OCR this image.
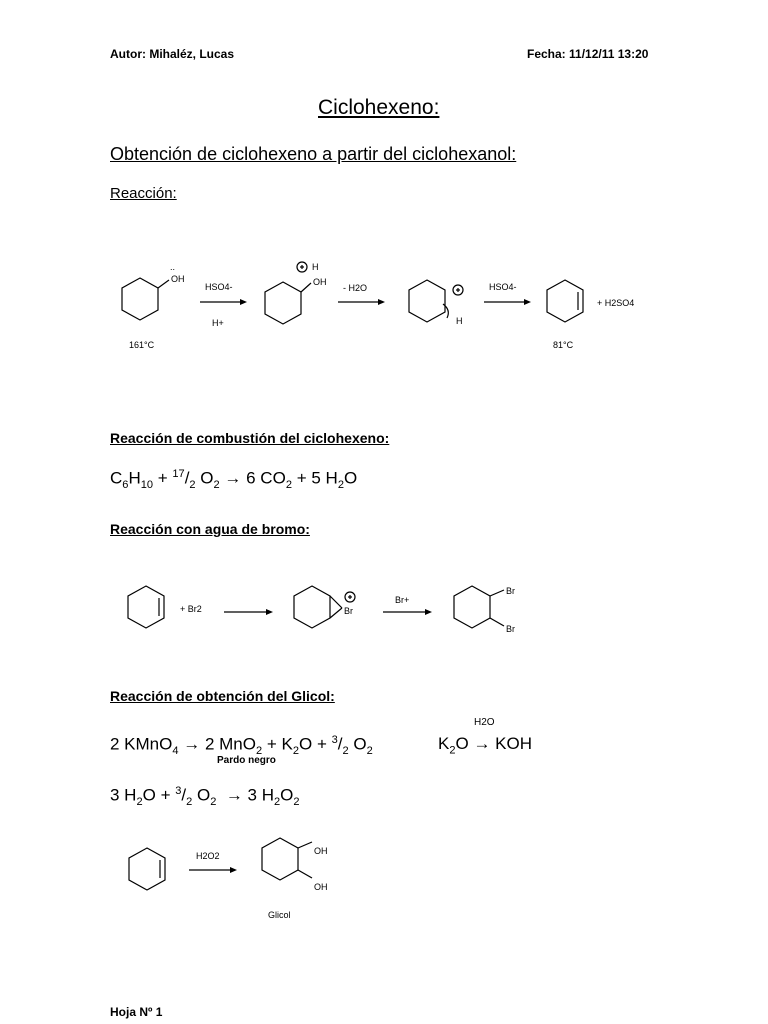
Autor: Mihaléz, Lucas	Fecha: 11/12/11 13:20
Ciclohexeno:
Obtención de ciclohexeno a partir del ciclohexanol:
Reacción:
OH
..
161°C
HSO4-
H+
H
OH
- H2O
H
HSO4-
+ H2SO4
81°C
Reacción de combustión del ciclohexeno:
$C_6H_{10} + ^{17}/_2$ $O_2 \to 6$ $CO_2 + 5$ $H_2O$
Reacción con agua de bromo:
+ Br2	Br
Br+
Br
Br
Reacción de obtención del Glicol:
H2O
2 KMnO$_4$ → 2 $MnO_2 + K_2O + ^3/_2$ $O_2$	$K_2O$ → KOH
Pardo negro
3 $H_2O + ^3/_2$ $O_2 \to 3$ $H_2O_2$
H2O2	OH
OH
Glicol
Hoja Nº 1
